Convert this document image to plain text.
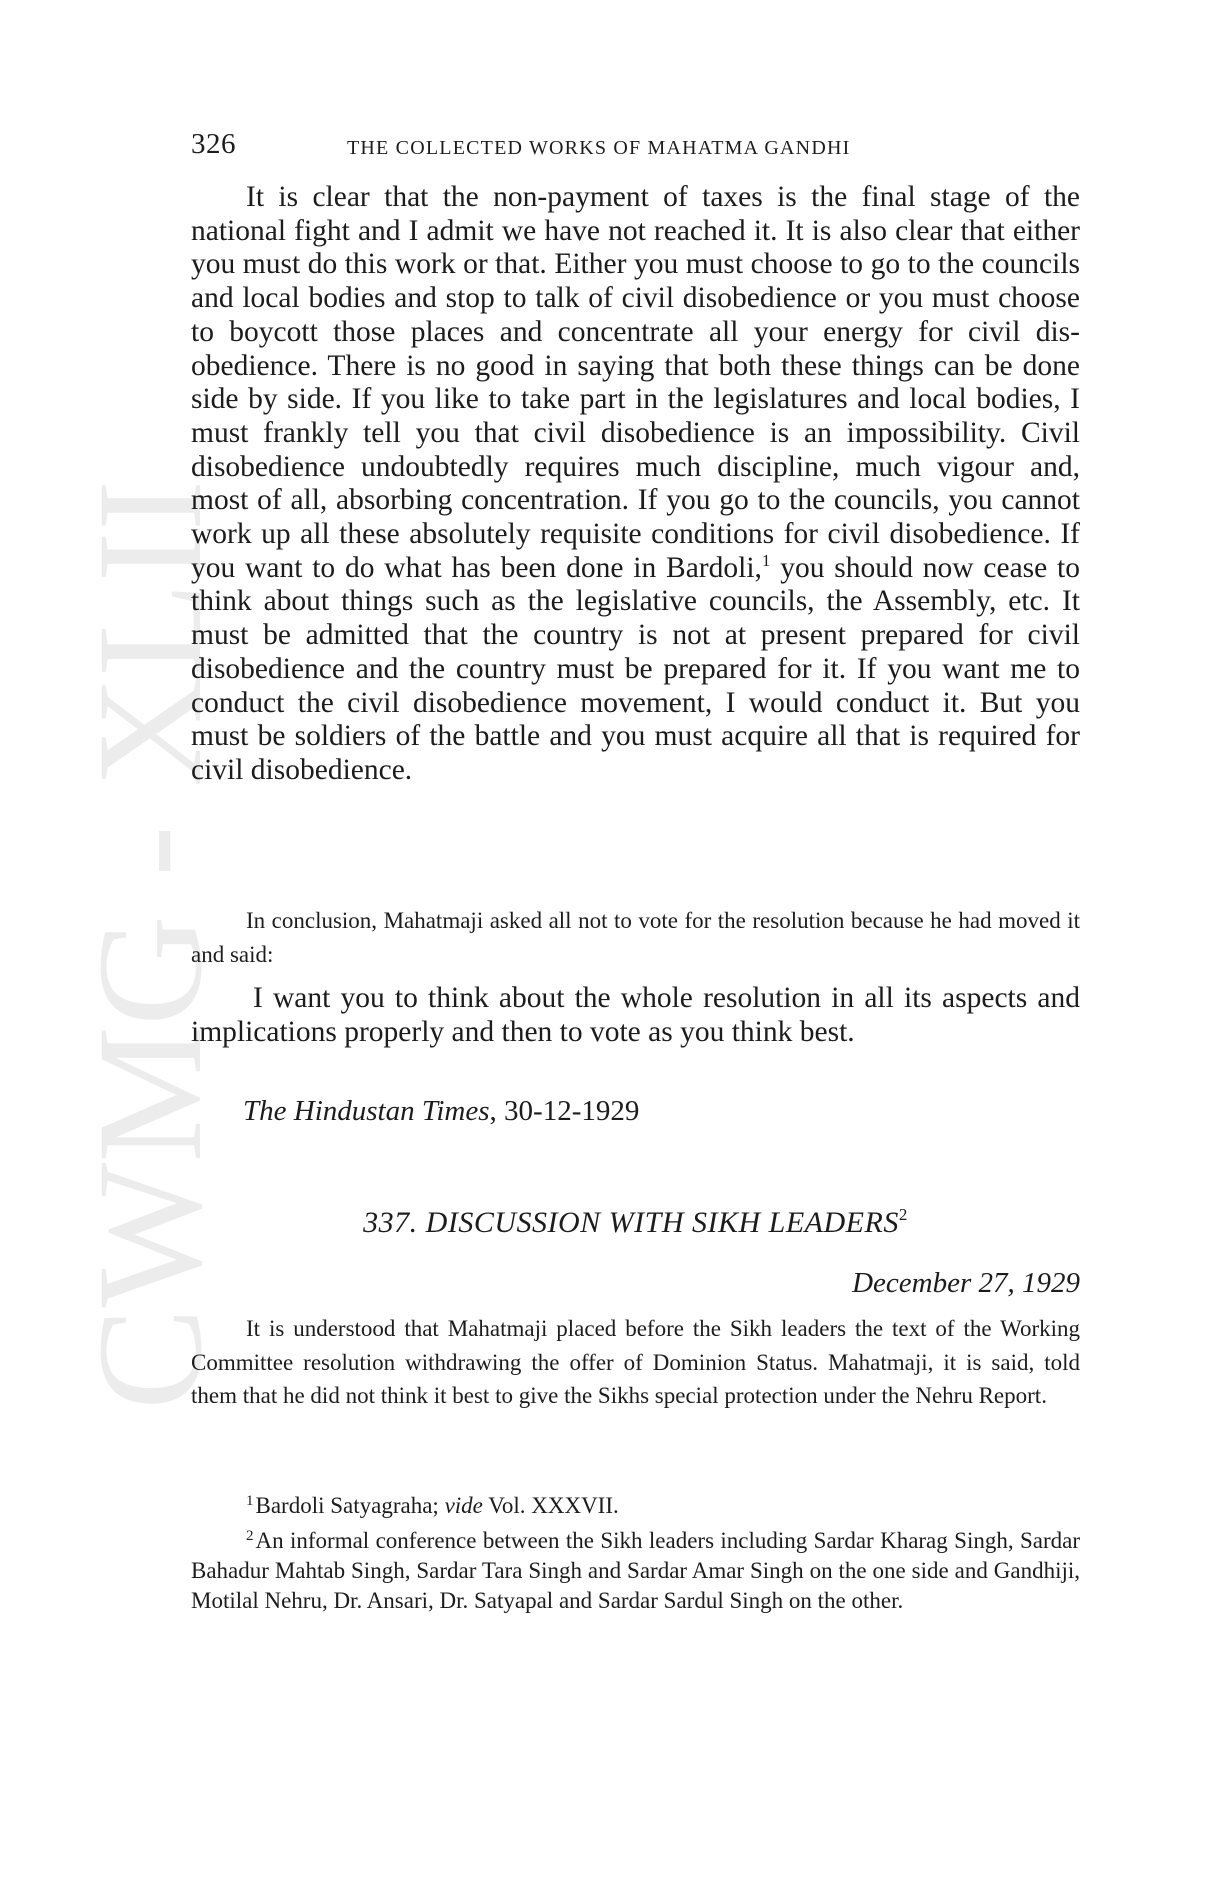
CWMG XLII
326	THE COLLECTED WORKS OF MAHATMA GANDHI

It is clear that the non-payment of taxes is the final stage of the national fight and I admit we have not reached it. It is also clear that either you must do this work or that. Either you must choose to go to the councils and local bodies and stop to talk of civil disobedience or you must choose to boycott those places and concentrate all your energy for civil disobedience. There is no good in saying that both these things can be done side by side. If you like to take part in the legislatures and local bodies, I must frankly tell you that civil disobedience is an impossibility. Civil disobedience undoubtedly requires much discipline, much vigour and, most of all, absorbing concentration. If you go to the councils, you cannot work up all these absolutely requisite conditions for civil disobedience. If you want to do what has been done in Bardoli,$^1$ you should now cease to think about things such as the legislative councils, the Assembly, etc. It must be admitted that the country is not at present prepared for civil disobedience and the country must be prepared for it. If you want me to conduct the civil disobedience movement, I would conduct it. But you must be soldiers of the battle and you must acquire all that is required for civil disobedience.

In conclusion, Mahatmaji asked all not to vote for the resolution because he had moved it and said:

I want you to think about the whole resolution in all its aspects and implications properly and then to vote as you think best.

The Hindustan Times, 30-12-1929
337. DISCUSSION WITH SIKH LEADERS$^2$
December 27, 1929

It is understood that Mahatmaji placed before the Sikh leaders the text of the Working Committee resolution withdrawing the offer of Dominion Status. Mahatmaji, it is said, told them that he did not think it best to give the Sikhs special protection under the Nehru Report.

$^1$Bardoli Satyagraha; vide Vol. XXXVII.

$^2$An informal conference between the Sikh leaders including Sardar Kharag Singh, Sardar Bahadur Mahtab Singh, Sardar Tara Singh and Sardar Amar Singh on the one side and Gandhiji, Motilal Nehru, Dr. Ansari, Dr. Satyapal and Sardar Sardul Singh on the other.
